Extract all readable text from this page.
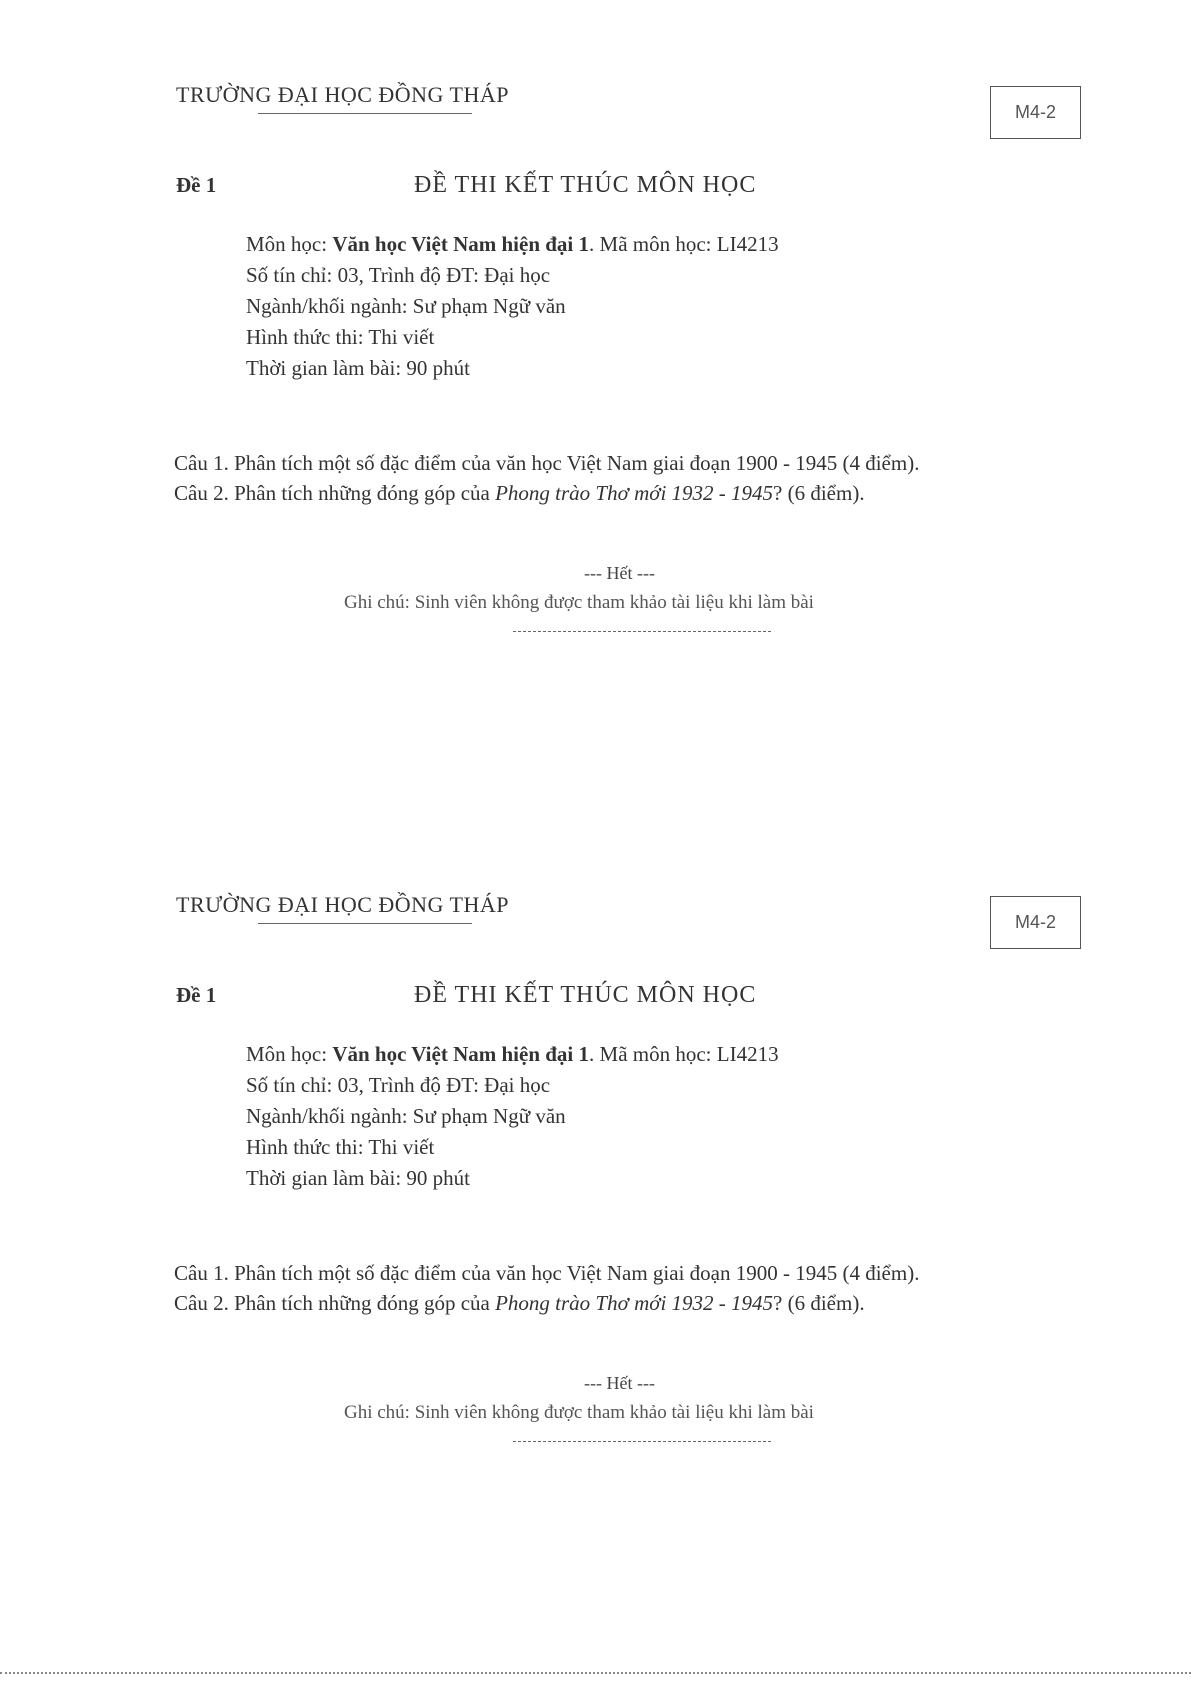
TRƯỜNG ĐẠI HỌC ĐỒNG THÁP
M4-2
Đề 1	ĐỀ THI KẾT THÚC MÔN HỌC
Môn học: Văn học Việt Nam hiện đại 1. Mã môn học: LI4213
Số tín chỉ: 03, Trình độ ĐT: Đại học
Ngành/khối ngành: Sư phạm Ngữ văn
Hình thức thi: Thi viết
Thời gian làm bài: 90 phút
Câu 1. Phân tích một số đặc điểm của văn học Việt Nam giai đoạn 1900 - 1945 (4 điểm).
Câu 2. Phân tích những đóng góp của Phong trào Thơ mới 1932 - 1945? (6 điểm).
--- Hết ---
Ghi chú: Sinh viên không được tham khảo tài liệu khi làm bài
TRƯỜNG ĐẠI HỌC ĐỒNG THÁP
M4-2
Đề 1	ĐỀ THI KẾT THÚC MÔN HỌC
Môn học: Văn học Việt Nam hiện đại 1. Mã môn học: LI4213
Số tín chỉ: 03, Trình độ ĐT: Đại học
Ngành/khối ngành: Sư phạm Ngữ văn
Hình thức thi: Thi viết
Thời gian làm bài: 90 phút
Câu 1. Phân tích một số đặc điểm của văn học Việt Nam giai đoạn 1900 - 1945 (4 điểm).
Câu 2. Phân tích những đóng góp của Phong trào Thơ mới 1932 - 1945? (6 điểm).
--- Hết ---
Ghi chú: Sinh viên không được tham khảo tài liệu khi làm bài
